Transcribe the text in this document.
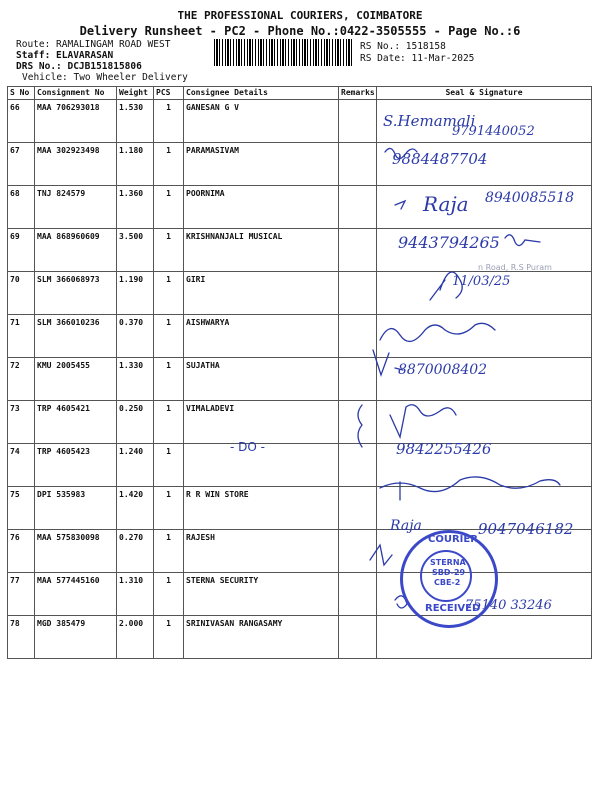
THE PROFESSIONAL COURIERS, COIMBATORE
Delivery Runsheet - PC2 - Phone No.:0422-3505555 - Page No.:6
Route: RAMALINGAM ROAD WEST
Staff: ELAVARASAN
DRS No.: DCJB151815806
Vehicle: Two Wheeler Delivery
RS No.: 1518158
RS Date: 11-Mar-2025
S No	Consignment No	Weight	PCS	Consignee Details	Remarks	Seal & Signature
66	MAA 706293018	1.530	1	GANESAN G V		
67	MAA 302923498	1.180	1	PARAMASIVAM		
68	TNJ 824579	1.360	1	POORNIMA		
69	MAA 868960609	3.500	1	KRISHNANJALI MUSICAL		
70	SLM 366068973	1.190	1	GIRI		
71	SLM 366010236	0.370	1	AISHWARYA		
72	KMU 2005455	1.330	1	SUJATHA		
73	TRP 4605421	0.250	1	VIMALADEVI		
74	TRP 4605423	1.240	1			
75	DPI 535983	1.420	1	R R WIN STORE		
76	MAA 575830098	0.270	1	RAJESH		
77	MAA 577445160	1.310	1	STERNA SECURITY		
78	MGD 385479	2.000	1	SRINIVASAN RANGASAMY		
S.Hemamali
9791440052
9884487704
Raja 8940085518
9443794265
11/03/25
n Road, R.S Puram
8870008402
9842255426
- DO -
Raja	9047046182
75140 33246
COURIER
STERNA
SBD-29
CBE-2
RECEIVED
